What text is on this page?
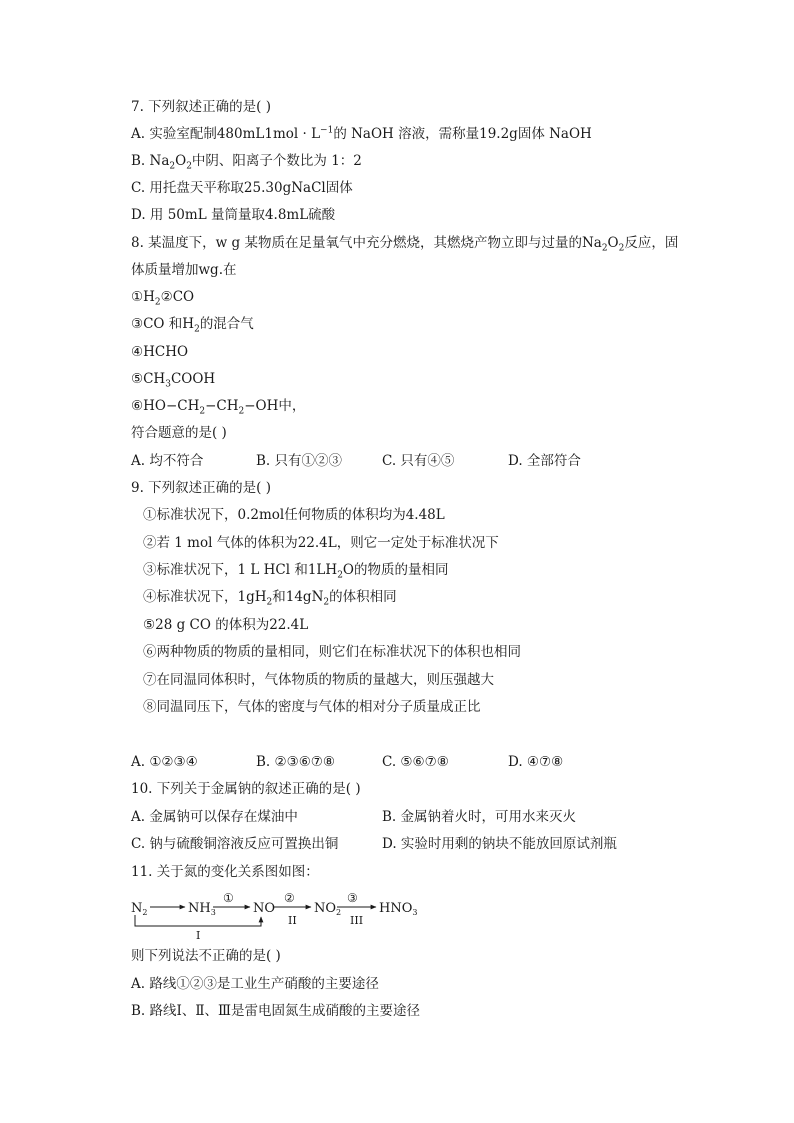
7. 下列叙述正确的是( )
A. 实验室配制$480mL1mol \cdot L^{-1}$的 NaOH 溶液，需称量19.2g固体 NaOH
B. $Na_2O_2$中阴、阳离子个数比为 1：2
C. 用托盘天平称取25.30gNaCl固体
D. 用 50mL 量筒量取4.8mL硫酸
8. 某温度下，w g 某物质在足量氧气中充分燃烧，其燃烧产物立即与过量的$Na_2O_2$反应，固
体质量增加wg.在
$①H_2②CO$
③CO 和$H_2$的混合气
④HCHO
$⑤CH_3COOH$
$⑥HO-CH_2-CH_2-OH$中，
符合题意的是( )
A. 均不符合	B. 只有①②③	C. 只有④⑤	D. 全部符合
9. 下列叙述正确的是( )
①标准状况下，0.2mol任何物质的体积均为4.48L
②若 1 mol 气体的体积为22.4L，则它一定处于标准状况下
③标准状况下，1 L HCl 和$1LH_2O$的物质的量相同
④标准状况下，$1gH_2$和$14gN_2$的体积相同
⑤28 g CO 的体积为22.4L
⑥两种物质的物质的量相同，则它们在标准状况下的体积也相同
⑦在同温同体积时，气体物质的物质的量越大，则压强越大
⑧同温同压下，气体的密度与气体的相对分子质量成正比
A. ①②③④	B. ②③⑥⑦⑧	C. ⑤⑥⑦⑧	D. ④⑦⑧
10. 下列关于金属钠的叙述正确的是( )
A. 金属钠可以保存在煤油中	B. 金属钠着火时，可用水来灭火
C. 钠与硫酸铜溶液反应可置换出铜	D. 实验时用剩的钠块不能放回原试剂瓶
11. 关于氮的变化关系图如图：
$N_2$	$NH_3$	NO	$NO_2$	$HNO_3$
①	②	③
II	III
I
则下列说法不正确的是( )
A. 路线①②③是工业生产硝酸的主要途径
B. 路线Ⅰ、Ⅱ、Ⅲ是雷电固氮生成硝酸的主要途径
